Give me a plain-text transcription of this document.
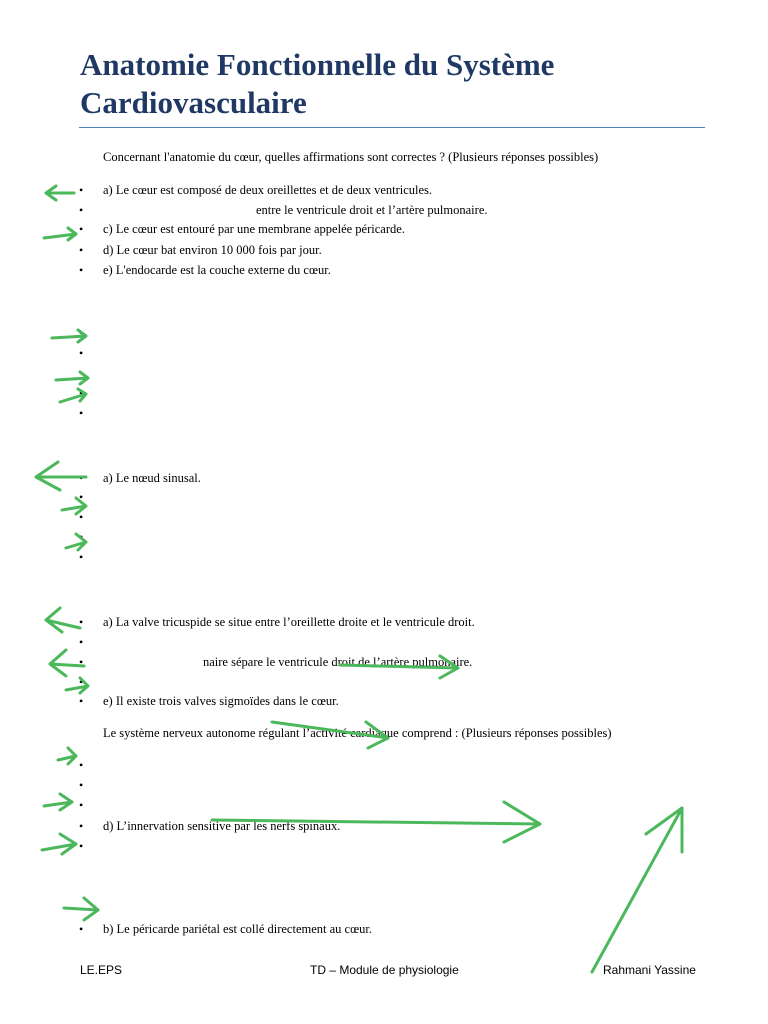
Anatomie Fonctionnelle du Système Cardiovasculaire
Concernant l'anatomie du cœur, quelles affirmations sont correctes ? (Plusieurs réponses possibles)
• a) Le cœur est composé de deux oreillettes et de deux ventricules.
•	entre le ventricule droit et l’artère pulmonaire.
• c) Le cœur est entouré par une membrane appelée péricarde.
• d) Le cœur bat environ 10 000 fois par jour.
• e) L'endocarde est la couche externe du cœur.
•
•
•
•
•
• a) Le nœud sinusal.
•
•
•
•
• a) La valve tricuspide se situe entre l’oreillette droite et le ventricule droit.
•
•	naire sépare le ventricule droit de l’artère pulmonaire.
•
• e) Il existe trois valves sigmoïdes dans le cœur.
Le système nerveux autonome régulant l’activité cardiaque comprend : (Plusieurs réponses possibles)
•
•
•
• d) L’innervation sensitive par les nerfs spinaux.
•
•
• b) Le péricarde pariétal est collé directement au cœur.
LE.EPS	TD – Module de physiologie	Rahmani Yassine
